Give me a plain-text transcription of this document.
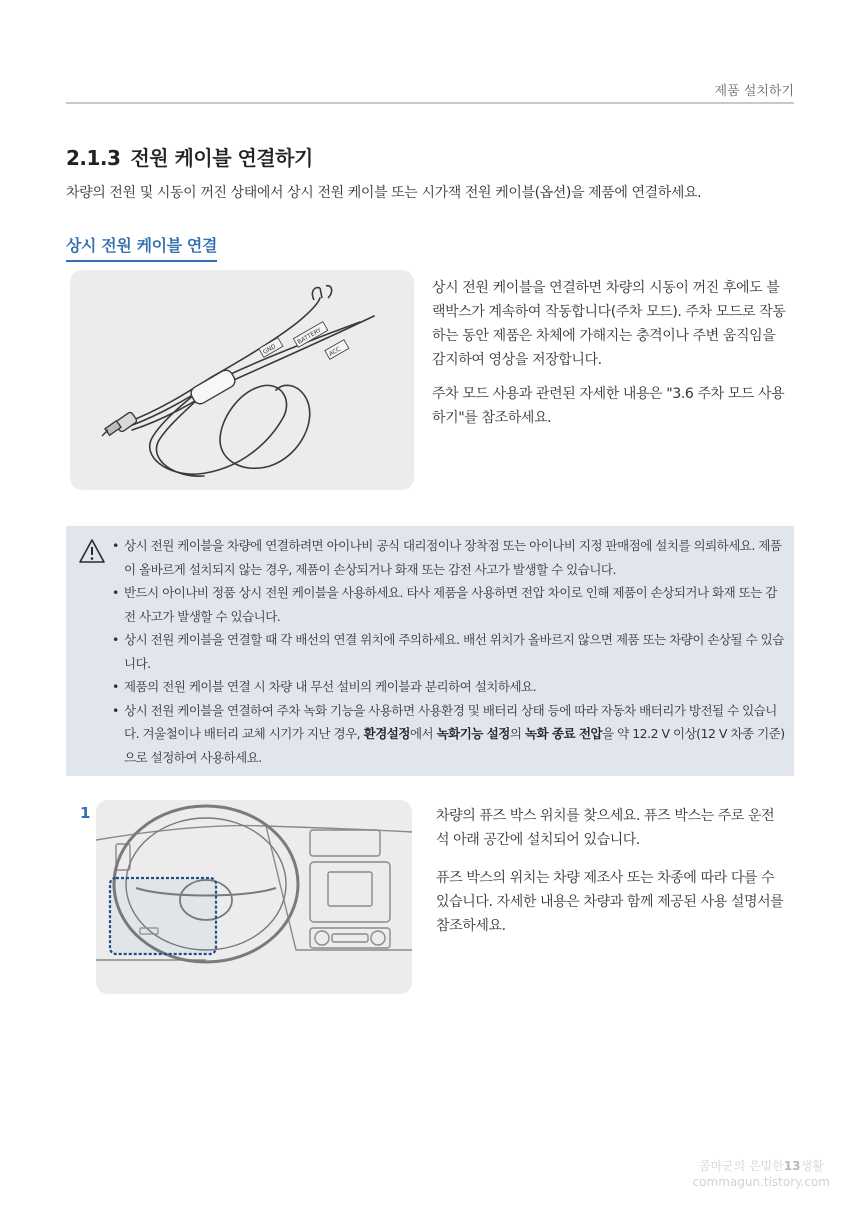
제품 설치하기
2.1.3 전원 케이블 연결하기
차량의 전원 및 시동이 꺼진 상태에서 상시 전원 케이블 또는 시가잭 전원 케이블(옵션)을 제품에 연결하세요.
상시 전원 케이블 연결
BATTERY
GND	ACC

상시 전원 케이블을 연결하면 차량의 시동이 꺼진 후에도 블랙박스가 계속하여 작동합니다(주차 모드). 주차 모드로 작동하는 동안 제품은 차체에 가해지는 충격이나 주변 움직임을 감지하여 영상을 저장합니다.

주차 모드 사용과 관련된 자세한 내용은 "3.6 주차 모드 사용하기"를 참조하세요.

• 상시 전원 케이블을 차량에 연결하려면 아이나비 공식 대리점이나 장착점 또는 아이나비 지정 판매점에 설치를 의뢰하세요. 제품이 올바르게 설치되지 않는 경우, 제품이 손상되거나 화재 또는 감전 사고가 발생할 수 있습니다.
• 반드시 아이나비 정품 상시 전원 케이블을 사용하세요. 타사 제품을 사용하면 전압 차이로 인해 제품이 손상되거나 화재 또는 감전 사고가 발생할 수 있습니다.
• 상시 전원 케이블을 연결할 때 각 배선의 연결 위치에 주의하세요. 배선 위치가 올바르지 않으면 제품 또는 차량이 손상될 수 있습니다.
• 제품의 전원 케이블 연결 시 차량 내 무선 설비의 케이블과 분리하여 설치하세요.
• 상시 전원 케이블을 연결하여 주차 녹화 기능을 사용하면 사용환경 및 배터리 상태 등에 따라 자동차 배터리가 방전될 수 있습니다. 겨울철이나 배터리 교체 시기가 지난 경우, 환경설정에서 녹화기능 설정의 녹화 종료 전압을 약 12.2 V 이상(12 V 차종 기준)으로 설정하여 사용하세요.
1	차량의 퓨즈 박스 위치를 찾으세요. 퓨즈 박스는 주로 운전석 아래 공간에 설치되어 있습니다.

퓨즈 박스의 위치는 차량 제조사 또는 차종에 따라 다를 수 있습니다. 자세한 내용은 차량과 함께 제공된 사용 설명서를 참조하세요.

콤마군의 은밀한13생활
commagun.tistory.com
